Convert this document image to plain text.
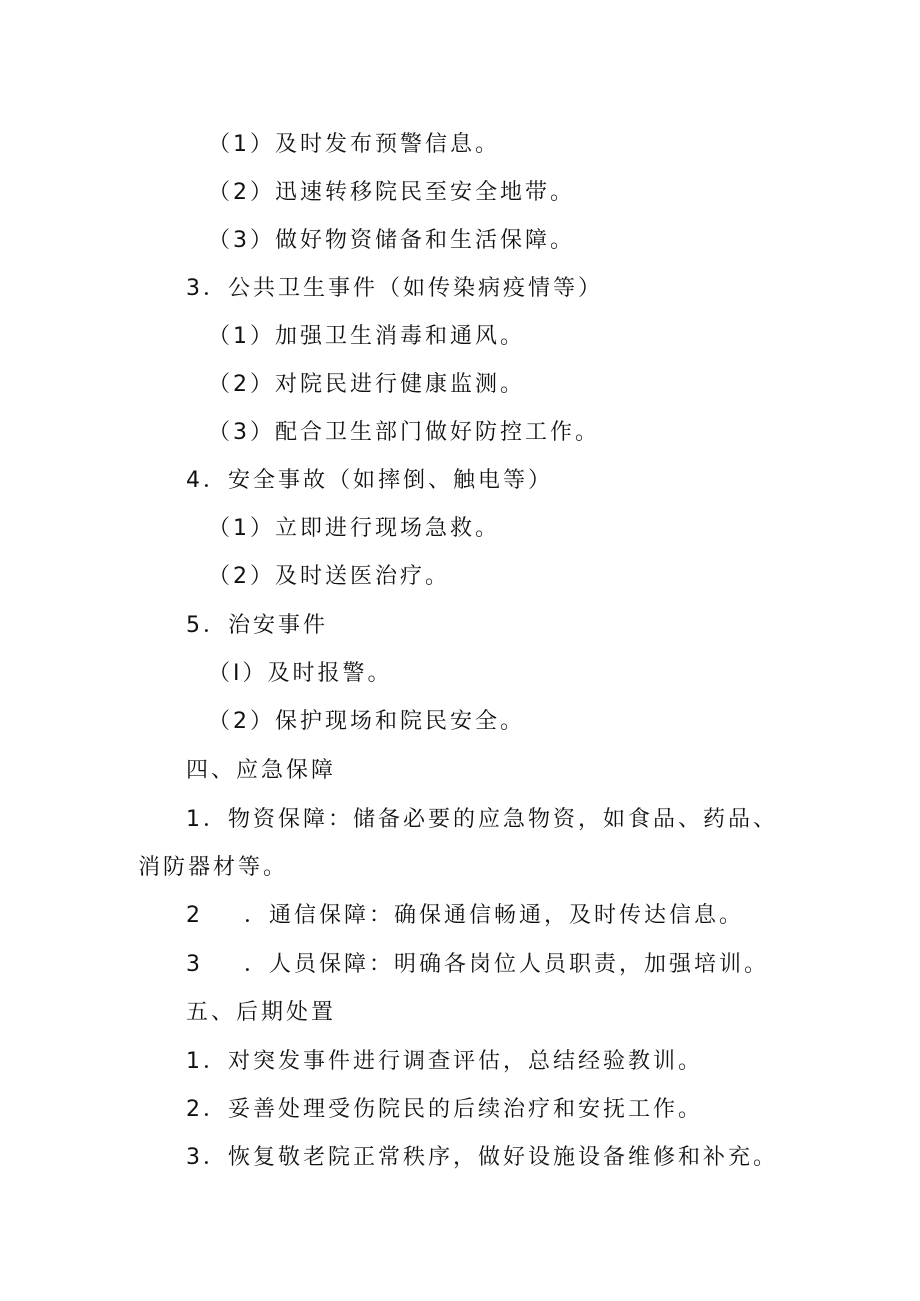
（1）及时发布预警信息。
（2）迅速转移院民至安全地带。
（3）做好物资储备和生活保障。
3．公共卫生事件（如传染病疫情等）
（1）加强卫生消毒和通风。
（2）对院民进行健康监测。
（3）配合卫生部门做好防控工作。
4．安全事故（如摔倒、触电等）
（1）立即进行现场急救。
（2）及时送医治疗。
5．治安事件
（I）及时报警。
（2）保护现场和院民安全。
四、应急保障
1．物资保障：储备必要的应急物资，如食品、药品、
消防器材等。
2 ．通信保障：确保通信畅通，及时传达信息。
3 ．人员保障：明确各岗位人员职责，加强培训。
五、后期处置
1．对突发事件进行调查评估，总结经验教训。
2．妥善处理受伤院民的后续治疗和安抚工作。
3．恢复敬老院正常秩序，做好设施设备维修和补充。
